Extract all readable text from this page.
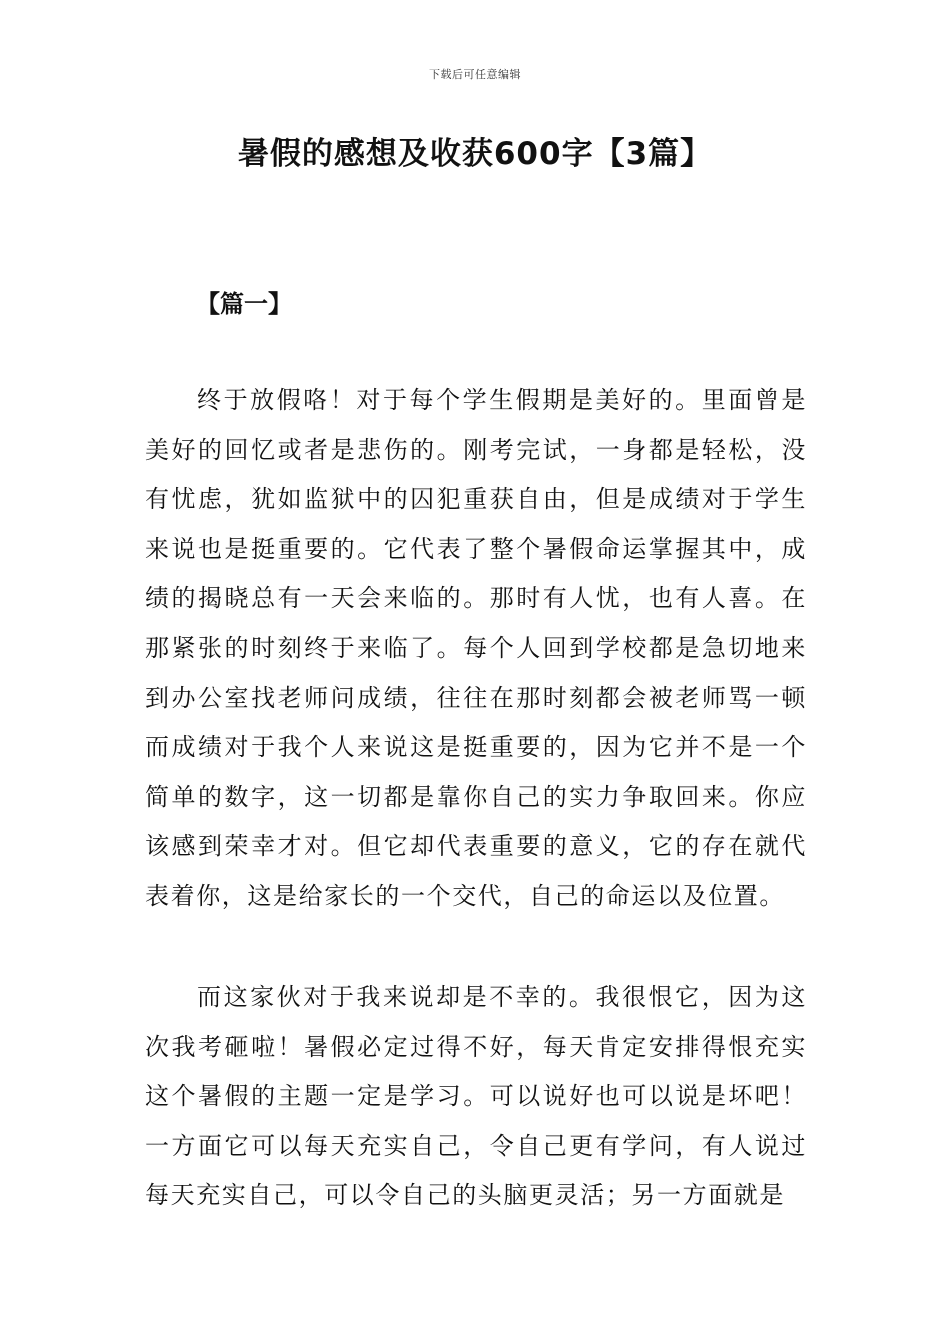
下载后可任意编辑
暑假的感想及收获600字【3篇】
【篇一】

终于放假咯！对于每个学生假期是美好的。里面曾是美好的回忆或者是悲伤的。刚考完试，一身都是轻松，没有忧虑，犹如监狱中的囚犯重获自由，但是成绩对于学生来说也是挺重要的。它代表了整个暑假命运掌握其中，成绩的揭晓总有一天会来临的。那时有人忧，也有人喜。在那紧张的时刻终于来临了。每个人回到学校都是急切地来到办公室找老师问成绩，往往在那时刻都会被老师骂一顿而成绩对于我个人来说这是挺重要的，因为它并不是一个简单的数字，这一切都是靠你自己的实力争取回来。你应该感到荣幸才对。但它却代表重要的意义，它的存在就代表着你，这是给家长的一个交代，自己的命运以及位置。

而这家伙对于我来说却是不幸的。我很恨它，因为这次我考砸啦！暑假必定过得不好，每天肯定安排得恨充实这个暑假的主题一定是学习。可以说好也可以说是坏吧！一方面它可以每天充实自己，令自己更有学问，有人说过每天充实自己，可以令自己的头脑更灵活；另一方面就是
